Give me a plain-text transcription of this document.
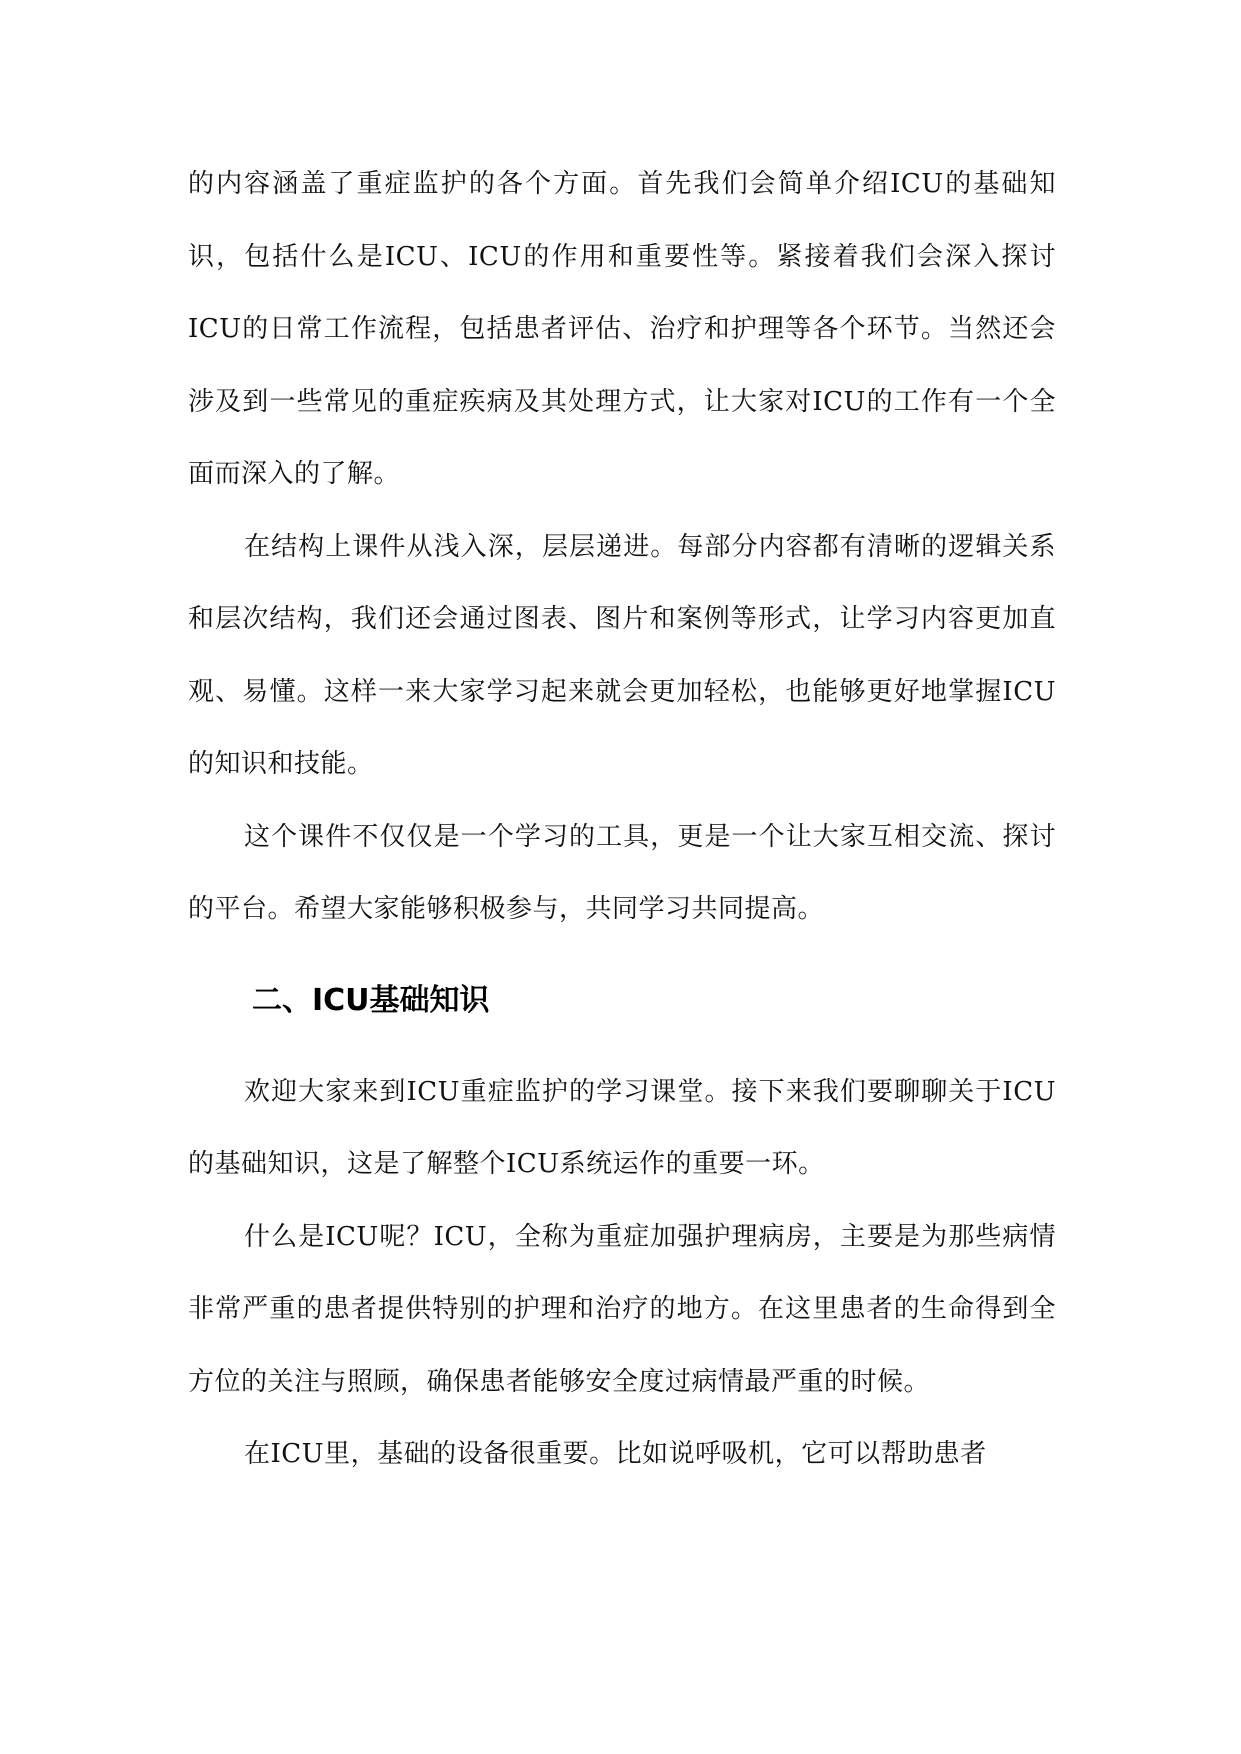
的内容涵盖了重症监护的各个方面。首先我们会简单介绍ICU的基础知识，包括什么是ICU、ICU的作用和重要性等。紧接着我们会深入探讨ICU的日常工作流程，包括患者评估、治疗和护理等各个环节。当然还会涉及到一些常见的重症疾病及其处理方式，让大家对ICU的工作有一个全面而深入的了解。

在结构上课件从浅入深，层层递进。每部分内容都有清晰的逻辑关系和层次结构，我们还会通过图表、图片和案例等形式，让学习内容更加直观、易懂。这样一来大家学习起来就会更加轻松，也能够更好地掌握ICU的知识和技能。

这个课件不仅仅是一个学习的工具，更是一个让大家互相交流、探讨的平台。希望大家能够积极参与，共同学习共同提高。

二、ICU基础知识

欢迎大家来到ICU重症监护的学习课堂。接下来我们要聊聊关于ICU的基础知识，这是了解整个ICU系统运作的重要一环。

什么是ICU呢？ICU，全称为重症加强护理病房，主要是为那些病情非常严重的患者提供特别的护理和治疗的地方。在这里患者的生命得到全方位的关注与照顾，确保患者能够安全度过病情最严重的时候。

在ICU里，基础的设备很重要。比如说呼吸机，它可以帮助患者
